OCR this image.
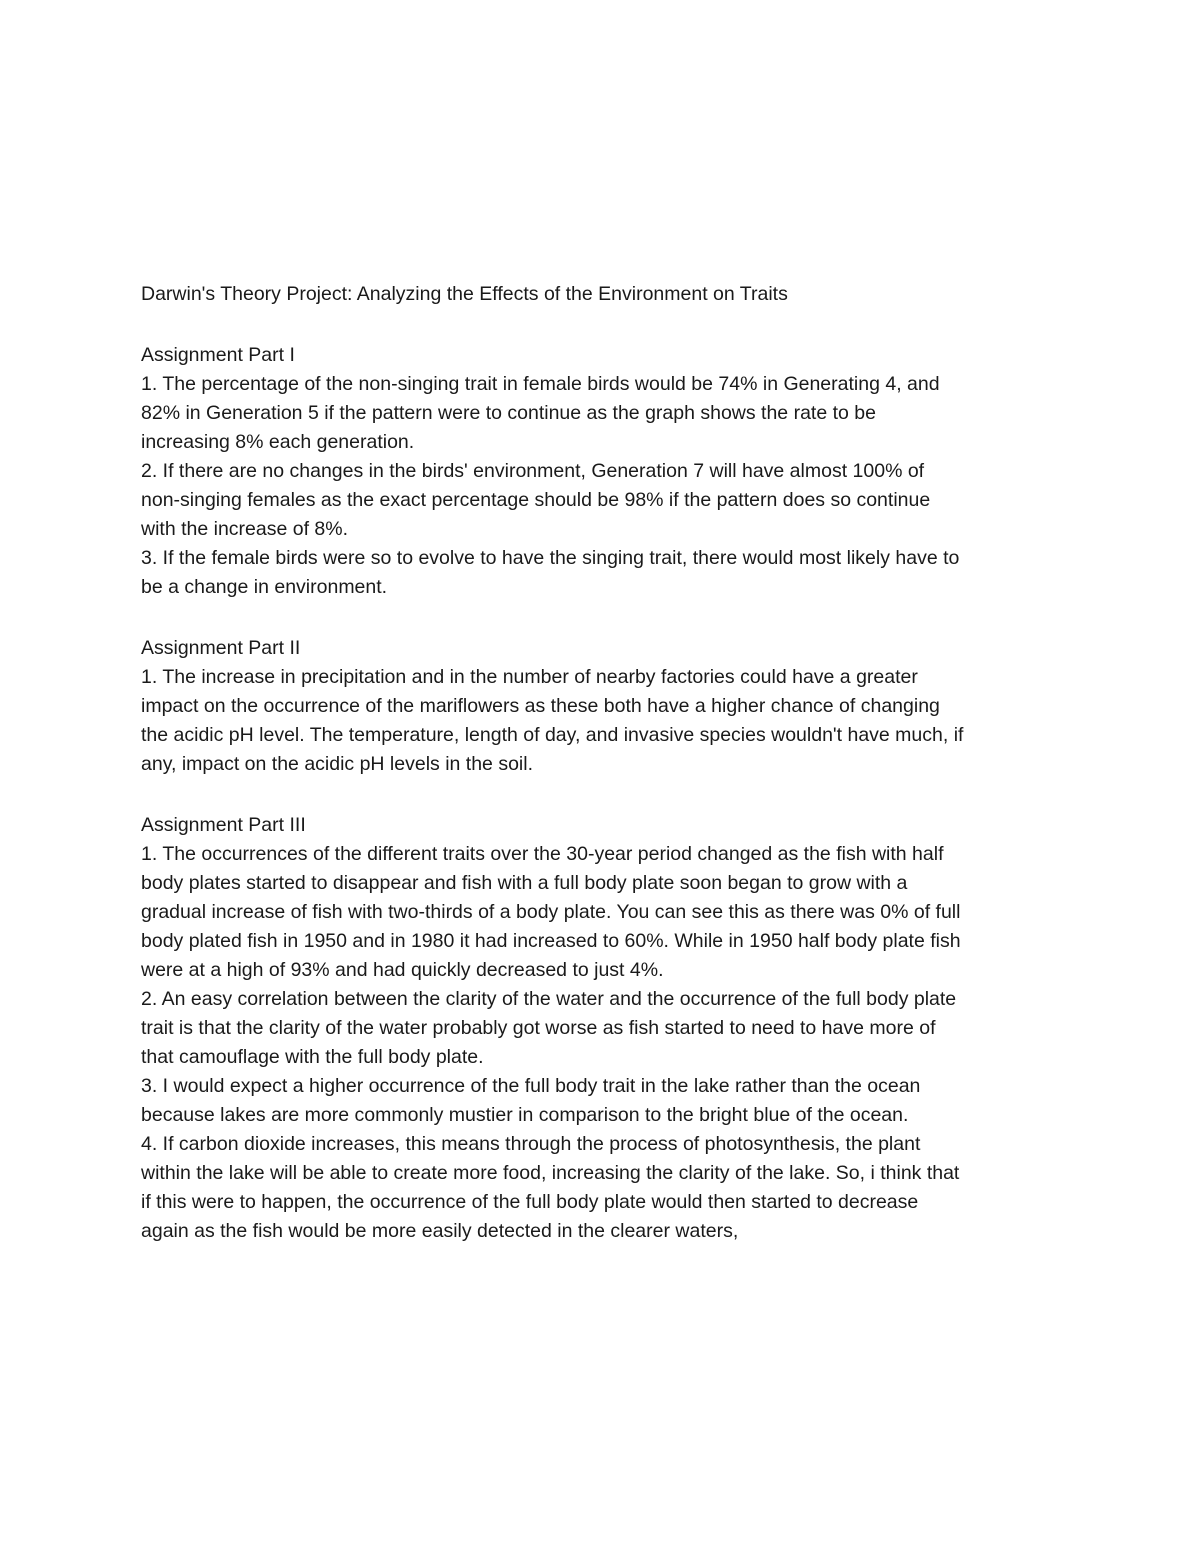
Darwin's Theory Project: Analyzing the Effects of the Environment on Traits
Assignment Part I
1. The percentage of the non-singing trait in female birds would be 74% in Generating 4, and
82% in Generation 5 if the pattern were to continue as the graph shows the rate to be
increasing 8% each generation.
2. If there are no changes in the birds' environment, Generation 7 will have almost 100% of
non-singing females as the exact percentage should be 98% if the pattern does so continue
with the increase of 8%.
3. If the female birds were so to evolve to have the singing trait, there would most likely have to
be a change in environment.
Assignment Part II
1. The increase in precipitation and in the number of nearby factories could have a greater
impact on the occurrence of the mariflowers as these both have a higher chance of changing
the acidic pH level. The temperature, length of day, and invasive species wouldn't have much, if
any, impact on the acidic pH levels in the soil.
Assignment Part III
1. The occurrences of the different traits over the 30-year period changed as the fish with half
body plates started to disappear and fish with a full body plate soon began to grow with a
gradual increase of fish with two-thirds of a body plate. You can see this as there was 0% of full
body plated fish in 1950 and in 1980 it had increased to 60%. While in 1950 half body plate fish
were at a high of 93% and had quickly decreased to just 4%.
2. An easy correlation between the clarity of the water and the occurrence of the full body plate
trait is that the clarity of the water probably got worse as fish started to need to have more of
that camouflage with the full body plate.
3. I would expect a higher occurrence of the full body trait in the lake rather than the ocean
because lakes are more commonly mustier in comparison to the bright blue of the ocean.
4. If carbon dioxide increases, this means through the process of photosynthesis, the plant
within the lake will be able to create more food, increasing the clarity of the lake. So, i think that
if this were to happen, the occurrence of the full body plate would then started to decrease
again as the fish would be more easily detected in the clearer waters,
